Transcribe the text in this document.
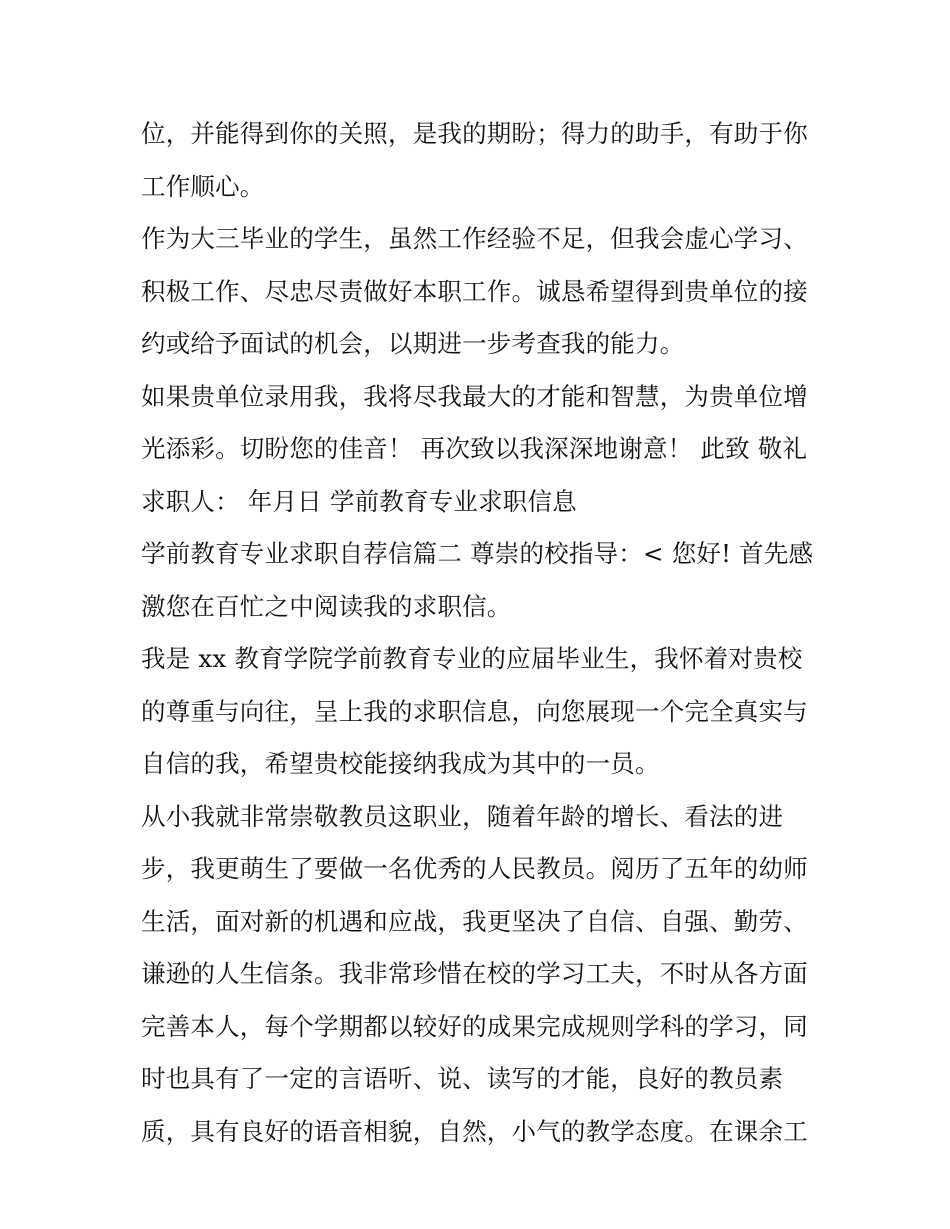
位，并能得到你的关照，是我的期盼；得力的助手，有助于你
工作顺心。
作为大三毕业的学生，虽然工作经验不足，但我会虚心学习、
积极工作、尽忠尽责做好本职工作。诚恳希望得到贵单位的接
约或给予面试的机会，以期进一步考查我的能力。
如果贵单位录用我，我将尽我最大的才能和智慧，为贵单位增
光添彩。切盼您的佳音！ 再次致以我深深地谢意！ 此致 敬礼
求职人： 年月日 学前教育专业求职信息
学前教育专业求职自荐信篇二 尊崇的校指导：< 您好! 首先感
激您在百忙之中阅读我的求职信。
我是 xx 教育学院学前教育专业的应届毕业生，我怀着对贵校
的尊重与向往，呈上我的求职信息，向您展现一个完全真实与
自信的我，希望贵校能接纳我成为其中的一员。
从小我就非常崇敬教员这职业，随着年龄的增长、看法的进
步，我更萌生了要做一名优秀的人民教员。阅历了五年的幼师
生活，面对新的机遇和应战，我更坚决了自信、自强、勤劳、
谦逊的人生信条。我非常珍惜在校的学习工夫，不时从各方面
完善本人，每个学期都以较好的成果完成规则学科的学习，同
时也具有了一定的言语听、说、读写的才能，良好的教员素
质，具有良好的语音相貌，自然，小气的教学态度。在课余工
